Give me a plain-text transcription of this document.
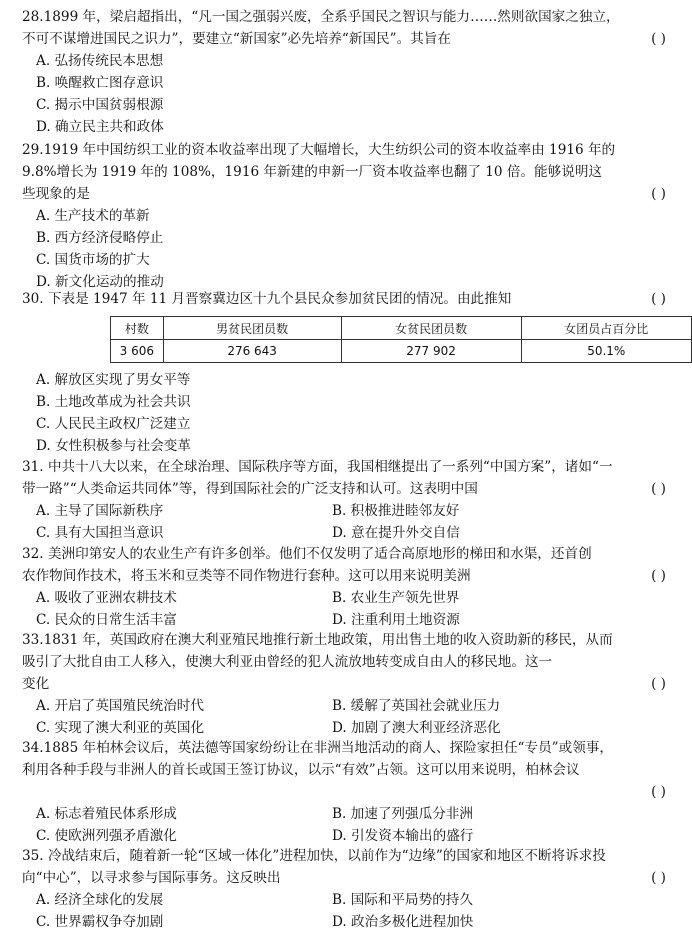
28.1899 年，梁启超指出，“凡一国之强弱兴废，全系乎国民之智识与能力……然则欲国家之独立，
不可不谋增进国民之识力”，要建立“新国家”必先培养“新国民”。其旨在	( )
A. 弘扬传统民本思想
B. 唤醒救亡图存意识
C. 揭示中国贫弱根源
D. 确立民主共和政体
29.1919 年中国纺织工业的资本收益率出现了大幅增长，大生纺织公司的资本收益率由 1916 年的
9.8%增长为 1919 年的 108%，1916 年新建的申新一厂资本收益率也翻了 10 倍。能够说明这
些现象的是	( )
A. 生产技术的革新
B. 西方经济侵略停止
C. 国货市场的扩大
D. 新文化运动的推动
30. 下表是 1947 年 11 月晋察冀边区十九个县民众参加贫民团的情况。由此推知	( )
村数	男贫民团员数	女贫民团员数	女团员占百分比
3 606	276 643	277 902	50.1%
A. 解放区实现了男女平等
B. 土地改革成为社会共识
C. 人民民主政权广泛建立
D. 女性积极参与社会变革
31. 中共十八大以来，在全球治理、国际秩序等方面，我国相继提出了一系列“中国方案”，诸如“一
带一路”“人类命运共同体”等，得到国际社会的广泛支持和认可。这表明中国	( )
A. 主导了国际新秩序	B. 积极推进睦邻友好
C. 具有大国担当意识	D. 意在提升外交自信
32. 美洲印第安人的农业生产有许多创举。他们不仅发明了适合高原地形的梯田和水渠，还首创
农作物间作技术，将玉米和豆类等不同作物进行套种。这可以用来说明美洲	( )
A. 吸收了亚洲农耕技术	B. 农业生产领先世界
C. 民众的日常生活丰富	D. 注重利用土地资源
33.1831 年，英国政府在澳大利亚殖民地推行新土地政策，用出售土地的收入资助新的移民，从而
吸引了大批自由工人移入，使澳大利亚由曾经的犯人流放地转变成自由人的移民地。这一
变化	( )
A. 开启了英国殖民统治时代	B. 缓解了英国社会就业压力
C. 实现了澳大利亚的英国化	D. 加剧了澳大利亚经济恶化
34.1885 年柏林会议后，英法德等国家纷纷让在非洲当地活动的商人、探险家担任“专员”或领事，
利用各种手段与非洲人的首长或国王签订协议，以示“有效”占领。这可以用来说明，柏林会议
( )
A. 标志着殖民体系形成	B. 加速了列强瓜分非洲
C. 使欧洲列强矛盾激化	D. 引发资本输出的盛行
35. 冷战结束后，随着新一轮“区域一体化”进程加快，以前作为“边缘”的国家和地区不断将诉求投
向“中心”，以寻求参与国际事务。这反映出	( )
A. 经济全球化的发展	B. 国际和平局势的持久
C. 世界霸权争夺加剧	D. 政治多极化进程加快
